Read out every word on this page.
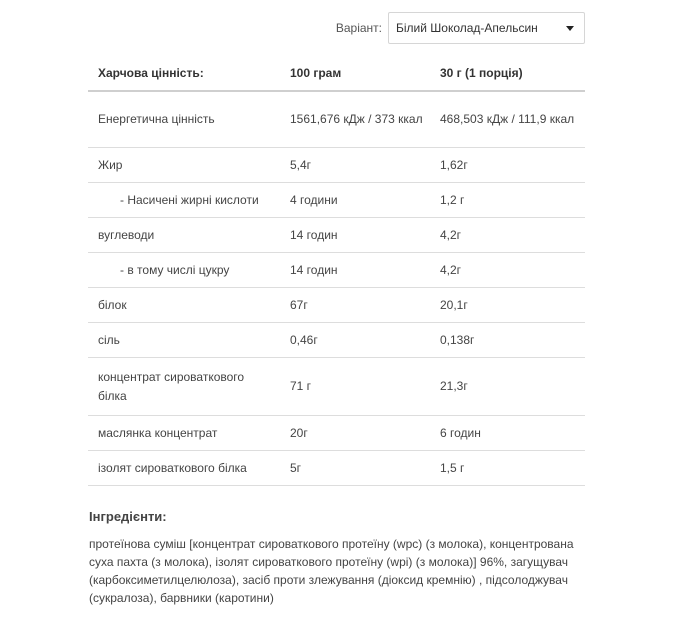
Варіант: Білий Шоколад-Апельсин
Харчова цінність:	100 грам	30 г (1 порція)
Енергетична цінність	1561,676 кДж / 373 ккал	468,503 кДж / 111,9 ккал
Жир	5,4г	1,62г
- Насичені жирні кислоти	4 години	1,2 г
вуглеводи	14 годин	4,2г
- в тому числі цукру	14 годин	4,2г
білок	67г	20,1г
сіль	0,46г	0,138г
концентрат сироваткового білка	71 г	21,3г
маслянка концентрат	20г	6 годин
ізолят сироваткового білка	5г	1,5 г
Інгредієнти:
протеїнова суміш [концентрат сироваткового протеїну (wpc) (з молока), концентрована суха пахта (з молока), ізолят сироваткового протеїну (wpi) (з молока)] 96%, загущувач (карбоксиметилцелюлоза), засіб проти злежування (діоксид кремнію) , підсолоджувач (сукралоза), барвники (каротини)
